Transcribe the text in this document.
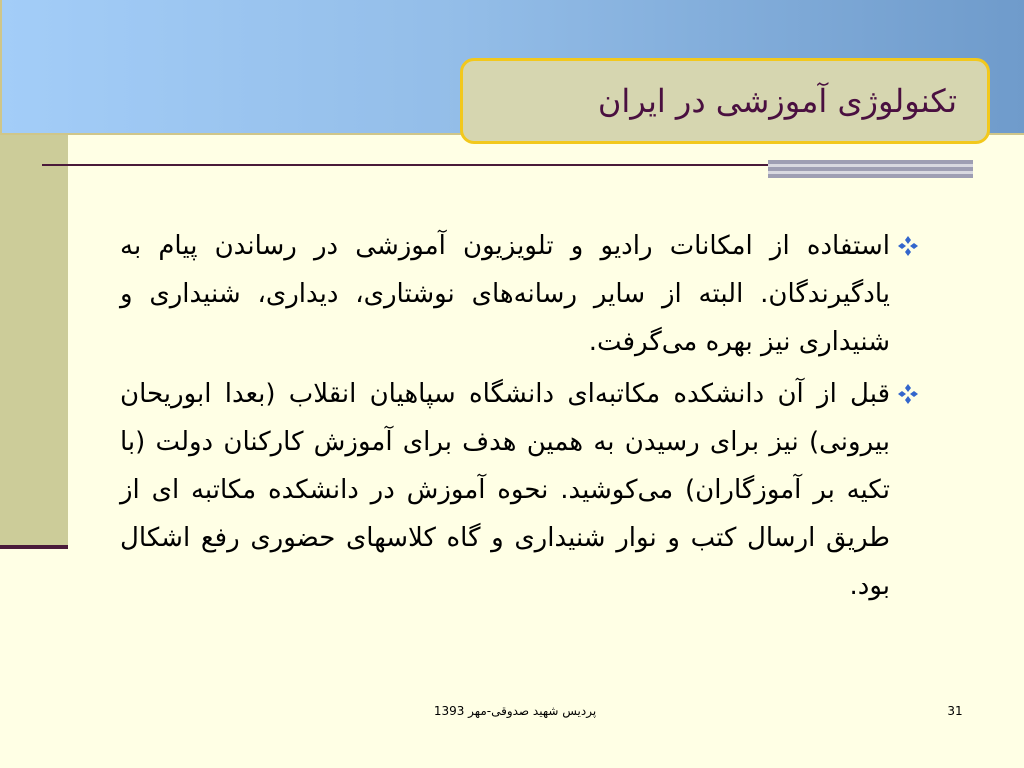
تکنولوژی آموزشی در ایران
استفاده از امکانات رادیو و تلویزیون آموزشی در رساندن پیام به یادگیرندگان. البته از سایر رسانه‌های نوشتاری، دیداری، شنیداری و شنیداری نیز بهره می‌گرفت.
قبل از آن دانشکده مکاتبه‌ای دانشگاه سپاهیان انقلاب (بعدا ابوریحان بیرونی) نیز برای رسیدن به همین هدف برای آموزش کارکنان دولت (با تکیه بر آموزگاران) می‌کوشید. نحوه آموزش در دانشکده مکاتبه ای از طریق ارسال کتب و نوار شنیداری و گاه کلاسهای حضوری رفع اشکال بود.
پردیس شهید صدوقی-مهر 1393	31
